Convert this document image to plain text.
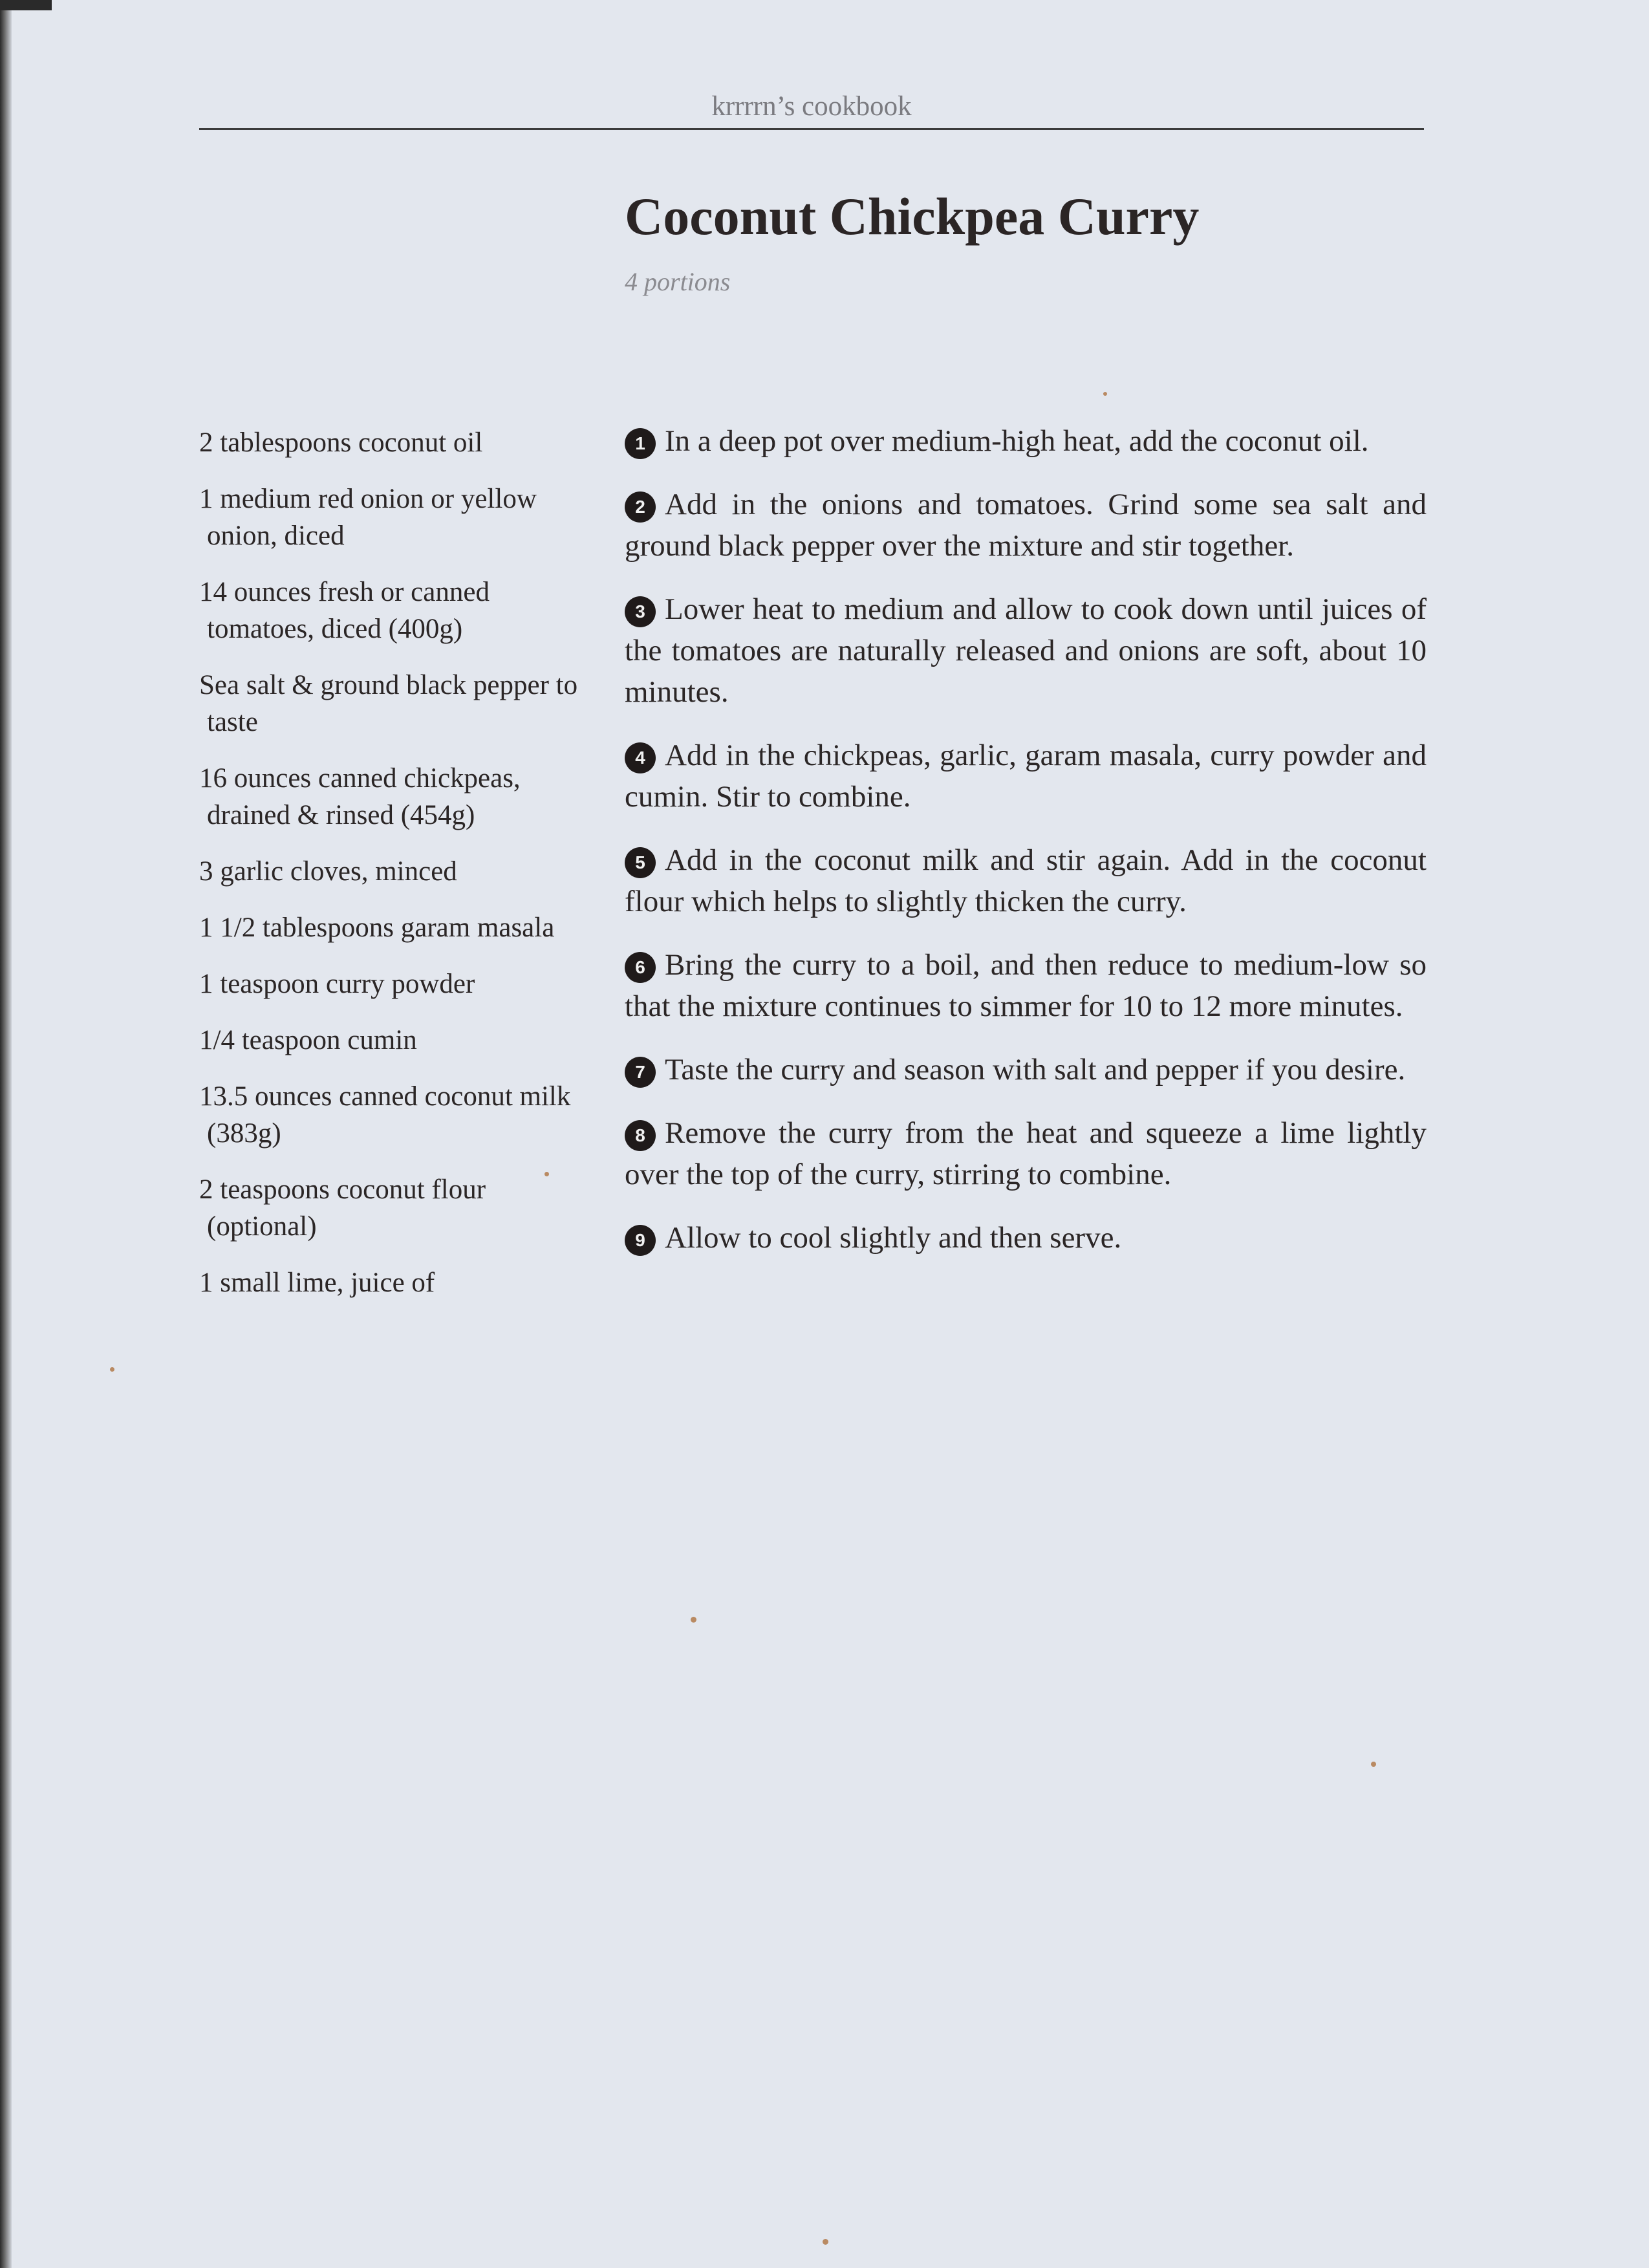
krrrrn’s cookbook
Coconut Chickpea Curry
4 portions
2 tablespoons coconut oil
1 medium red onion or yellow onion, diced
14 ounces fresh or canned tomatoes, diced (400g)
Sea salt & ground black pepper to taste
16 ounces canned chickpeas, drained & rinsed (454g)
3 garlic cloves, minced
1 1/2 tablespoons garam masala
1 teaspoon curry powder
1/4 teaspoon cumin
13.5 ounces canned coconut milk (383g)
2 teaspoons coconut flour (optional)
1 small lime, juice of
1 In a deep pot over medium-high heat, add the coconut oil.
2 Add in the onions and tomatoes. Grind some sea salt and ground black pepper over the mixture and stir together.
3 Lower heat to medium and allow to cook down until juices of the tomatoes are naturally released and onions are soft, about 10 minutes.
4 Add in the chickpeas, garlic, garam masala, curry powder and cumin. Stir to combine.
5 Add in the coconut milk and stir again. Add in the coconut flour which helps to slightly thicken the curry.
6 Bring the curry to a boil, and then reduce to medium-low so that the mixture continues to simmer for 10 to 12 more minutes.
7 Taste the curry and season with salt and pepper if you desire.
8 Remove the curry from the heat and squeeze a lime lightly over the top of the curry, stirring to combine.
9 Allow to cool slightly and then serve.
